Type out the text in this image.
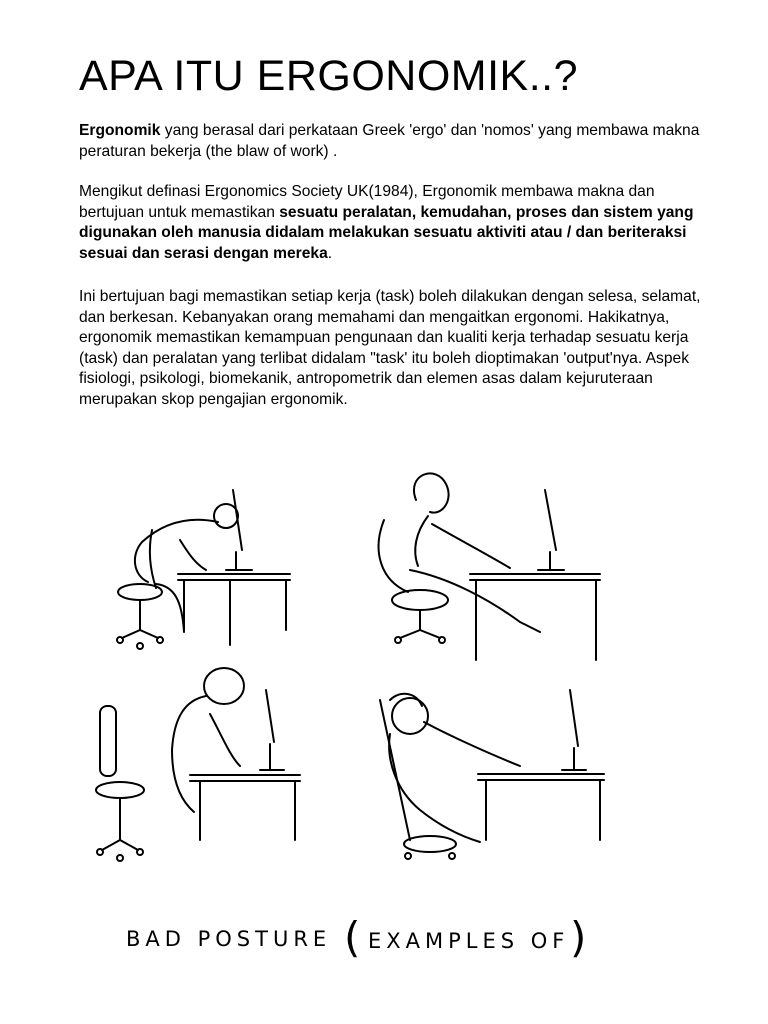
APA ITU ERGONOMIK..?

Ergonomik yang berasal dari perkataan Greek 'ergo' dan 'nomos' yang membawa makna peraturan bekerja (the blaw of work) .

Mengikut definasi Ergonomics Society UK(1984), Ergonomik membawa makna dan bertujuan untuk memastikan sesuatu peralatan, kemudahan, proses dan sistem yang digunakan oleh manusia didalam melakukan sesuatu aktiviti atau / dan beriteraksi sesuai dan serasi dengan mereka.

Ini bertujuan bagi memastikan setiap kerja (task) boleh dilakukan dengan selesa, selamat, dan berkesan. Kebanyakan orang memahami dan mengaitkan ergonomi. Hakikatnya, ergonomik memastikan kemampuan pengunaan dan kualiti kerja terhadap sesuatu kerja (task) dan peralatan yang terlibat didalam "task' itu boleh dioptimakan 'output'nya. Aspek fisiologi, psikologi, biomekanik, antropometrik dan elemen asas dalam kejuruteraan merupakan skop pengajian ergonomik.

BAD POSTURE ( EXAMPLES OF )
